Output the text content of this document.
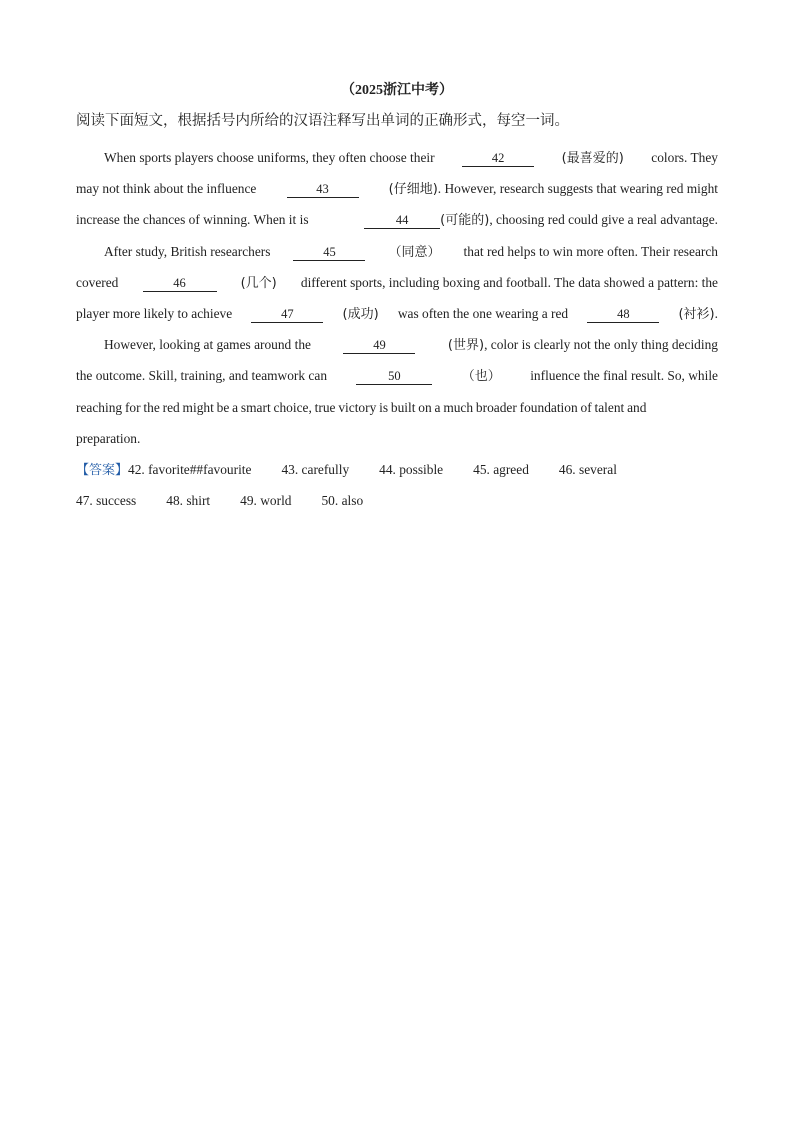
（2025浙江中考）
阅读下面短文，根据括号内所给的汉语注释写出单词的正确形式，每空一词。
When sports players choose uniforms, they often choose their	42	(最喜爱的) colors. They
may not think about the influence	43	(仔细地) . However, research suggests that wearing red might
increase the chances of winning. When it is	44	(可能的) , choosing red could give a real advantage.
After study, British researchers	45	（同意） that red helps to win more often. Their research
covered	46	(几个) different sports, including boxing and football. The data showed a pattern: the
player more likely to achieve	47	(成功) was often the one wearing a red	48	(衬衫) .
However, looking at games around the	49	(世界) , color is clearly not the only thing deciding
the outcome. Skill, training, and teamwork can	50	（也） influence the final result. So, while
reaching for the red might be a smart choice, true victory is built on a much broader foundation of talent and
preparation.
【答案】 42. favorite##favourite 43. carefully 44. possible 45. agreed 46. several
47. success 48. shirt 49. world 50. also
